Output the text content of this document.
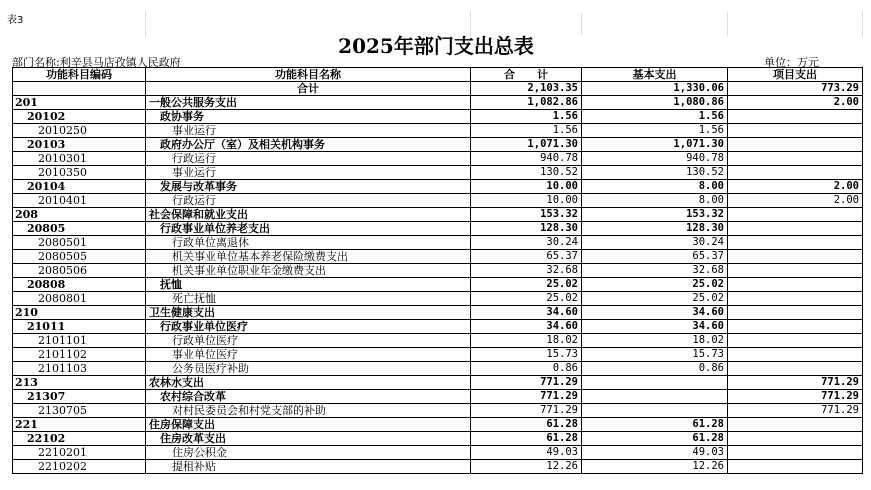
表3
2025年部门支出总表
部门名称:利辛县马店孜镇人民政府	单位：万元
功能科目编码	功能科目名称	合　　计	基本支出	项目支出
	合计	2,103.35	1,330.06	773.29
201	一般公共服务支出	1,082.86	1,080.86	2.00
20102	政协事务	1.56	1.56	
2010250	事业运行	1.56	1.56	
20103	政府办公厅（室）及相关机构事务	1,071.30	1,071.30	
2010301	行政运行	940.78	940.78	
2010350	事业运行	130.52	130.52	
20104	发展与改革事务	10.00	8.00	2.00
2010401	行政运行	10.00	8.00	2.00
208	社会保障和就业支出	153.32	153.32	
20805	行政事业单位养老支出	128.30	128.30	
2080501	行政单位离退休	30.24	30.24	
2080505	机关事业单位基本养老保险缴费支出	65.37	65.37	
2080506	机关事业单位职业年金缴费支出	32.68	32.68	
20808	抚恤	25.02	25.02	
2080801	死亡抚恤	25.02	25.02	
210	卫生健康支出	34.60	34.60	
21011	行政事业单位医疗	34.60	34.60	
2101101	行政单位医疗	18.02	18.02	
2101102	事业单位医疗	15.73	15.73	
2101103	公务员医疗补助	0.86	0.86	
213	农林水支出	771.29		771.29
21307	农村综合改革	771.29		771.29
2130705	对村民委员会和村党支部的补助	771.29		771.29
221	住房保障支出	61.28	61.28	
22102	住房改革支出	61.28	61.28	
2210201	住房公积金	49.03	49.03	
2210202	提租补贴	12.26	12.26	
